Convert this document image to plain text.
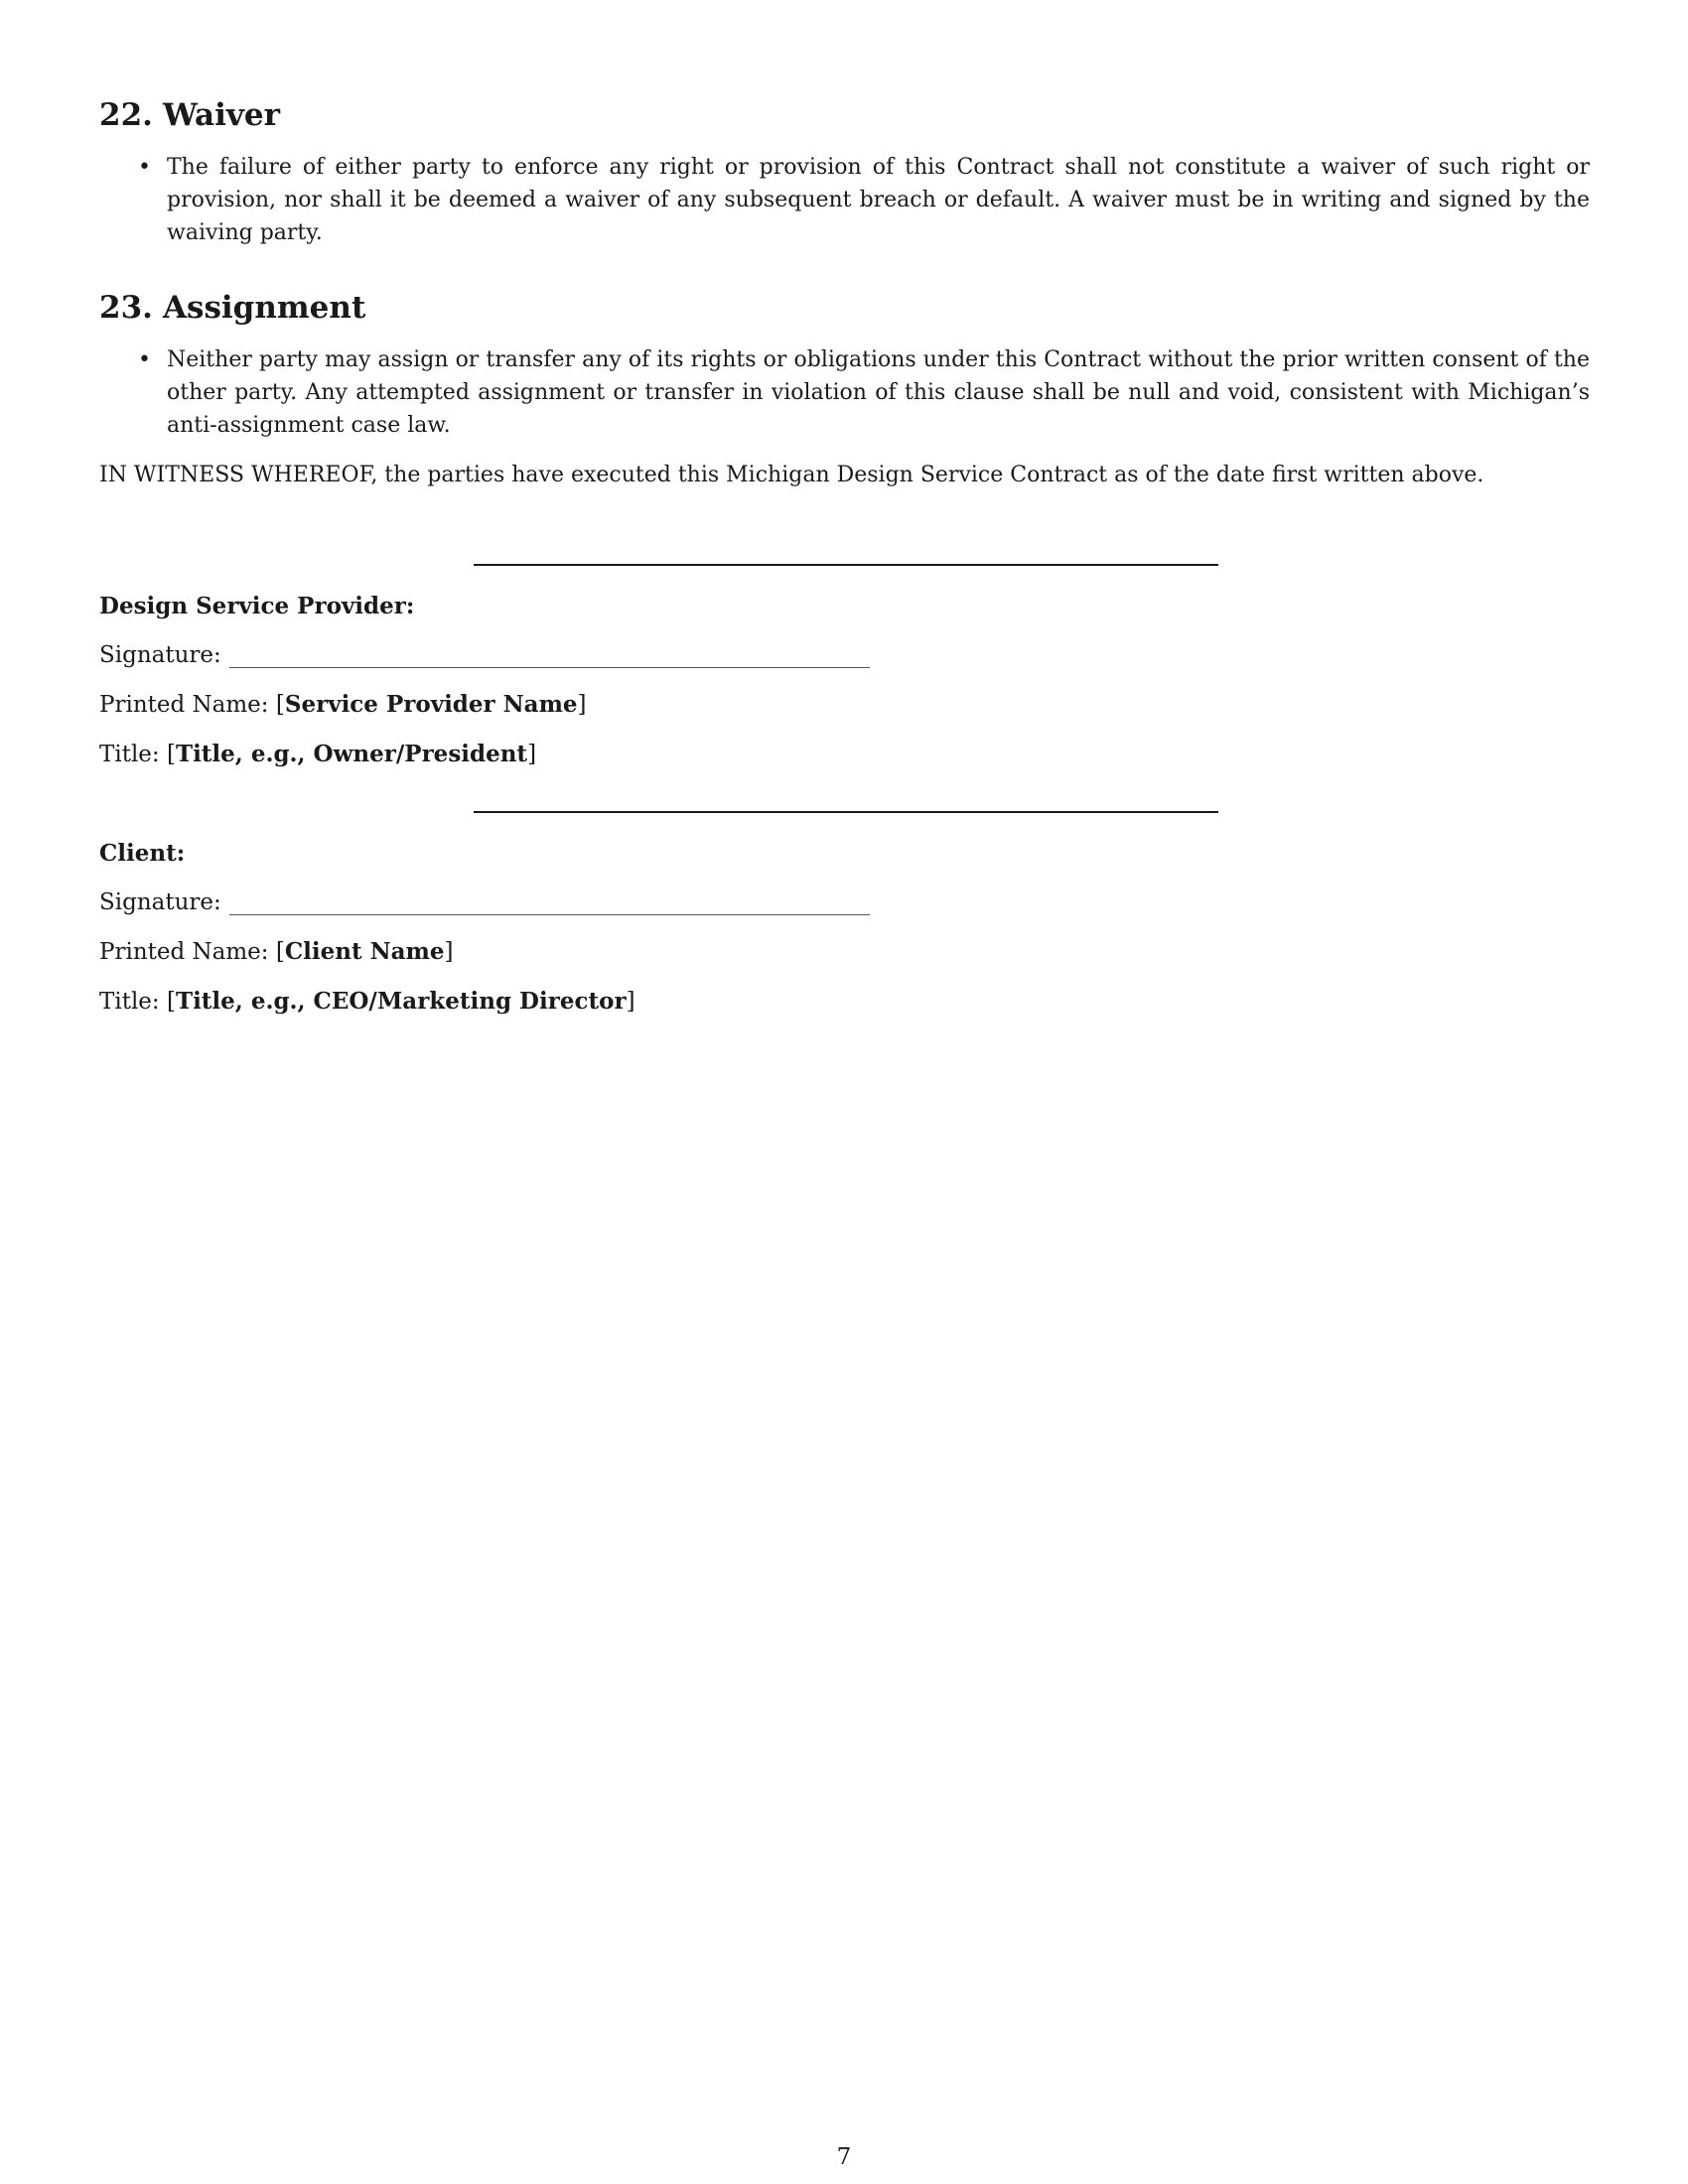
22. Waiver
• The failure of either party to enforce any right or provision of this Contract shall not constitute a waiver of such right or provision, nor shall it be deemed a waiver of any subsequent breach or default. A waiver must be in writing and signed by the waiving party.
23. Assignment
• Neither party may assign or transfer any of its rights or obligations under this Contract without the prior written consent of the other party. Any attempted assignment or transfer in violation of this clause shall be null and void, consistent with Michigan’s anti-assignment case law.
IN WITNESS WHEREOF, the parties have executed this Michigan Design Service Contract as of the date first written above.
Design Service Provider:
Signature:
Printed Name: [Service Provider Name]
Title: [Title, e.g., Owner/President]
Client:
Signature:
Printed Name: [Client Name]
Title: [Title, e.g., CEO/Marketing Director]
7
